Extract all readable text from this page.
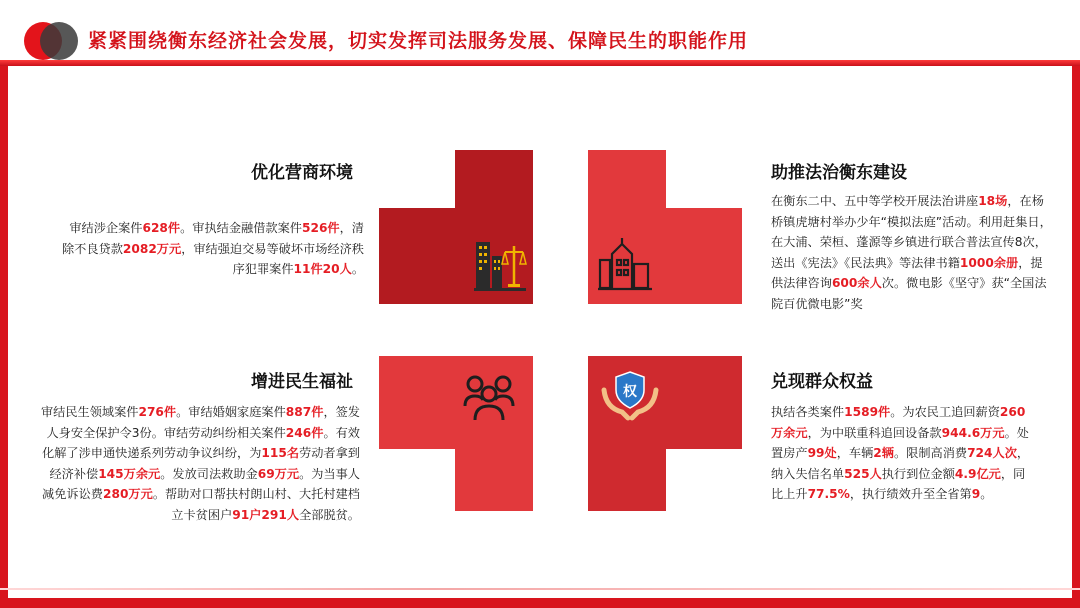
紧紧围绕衡东经济社会发展，切实发挥司法服务发展、保障民生的职能作用
权
优化营商环境
审结涉企案件628件。审执结金融借款案件526件，清除不良贷款2082万元，审结强迫交易等破坏市场经济秩序犯罪案件11件20人。
助推法治衡东建设
在衡东二中、五中等学校开展法治讲座18场，在杨桥镇虎塘村举办少年“模拟法庭”活动。利用赶集日，在大浦、荣桓、蓬源等乡镇进行联合普法宣传8次，送出《宪法》《民法典》等法律书籍1000余册，提供法律咨询600余人次。微电影《坚守》获“全国法院百优微电影”奖
增进民生福祉
审结民生领域案件276件。审结婚姻家庭案件887件，签发人身安全保护令3份。审结劳动纠纷相关案件246件。有效化解了涉申通快递系列劳动争议纠纷，为115名劳动者拿到经济补偿145万余元。发放司法救助金69万元。为当事人减免诉讼费280万元。帮助对口帮扶村朗山村、大托村建档立卡贫困户91户291人全部脱贫。
兑现群众权益
执结各类案件1589件。为农民工追回薪资260万余元，为中联重科追回设备款944.6万元。处置房产99处，车辆2辆。限制高消费724人次，纳入失信名单525人执行到位金额4.9亿元，同比上升77.5%，执行绩效升至全省第9。
